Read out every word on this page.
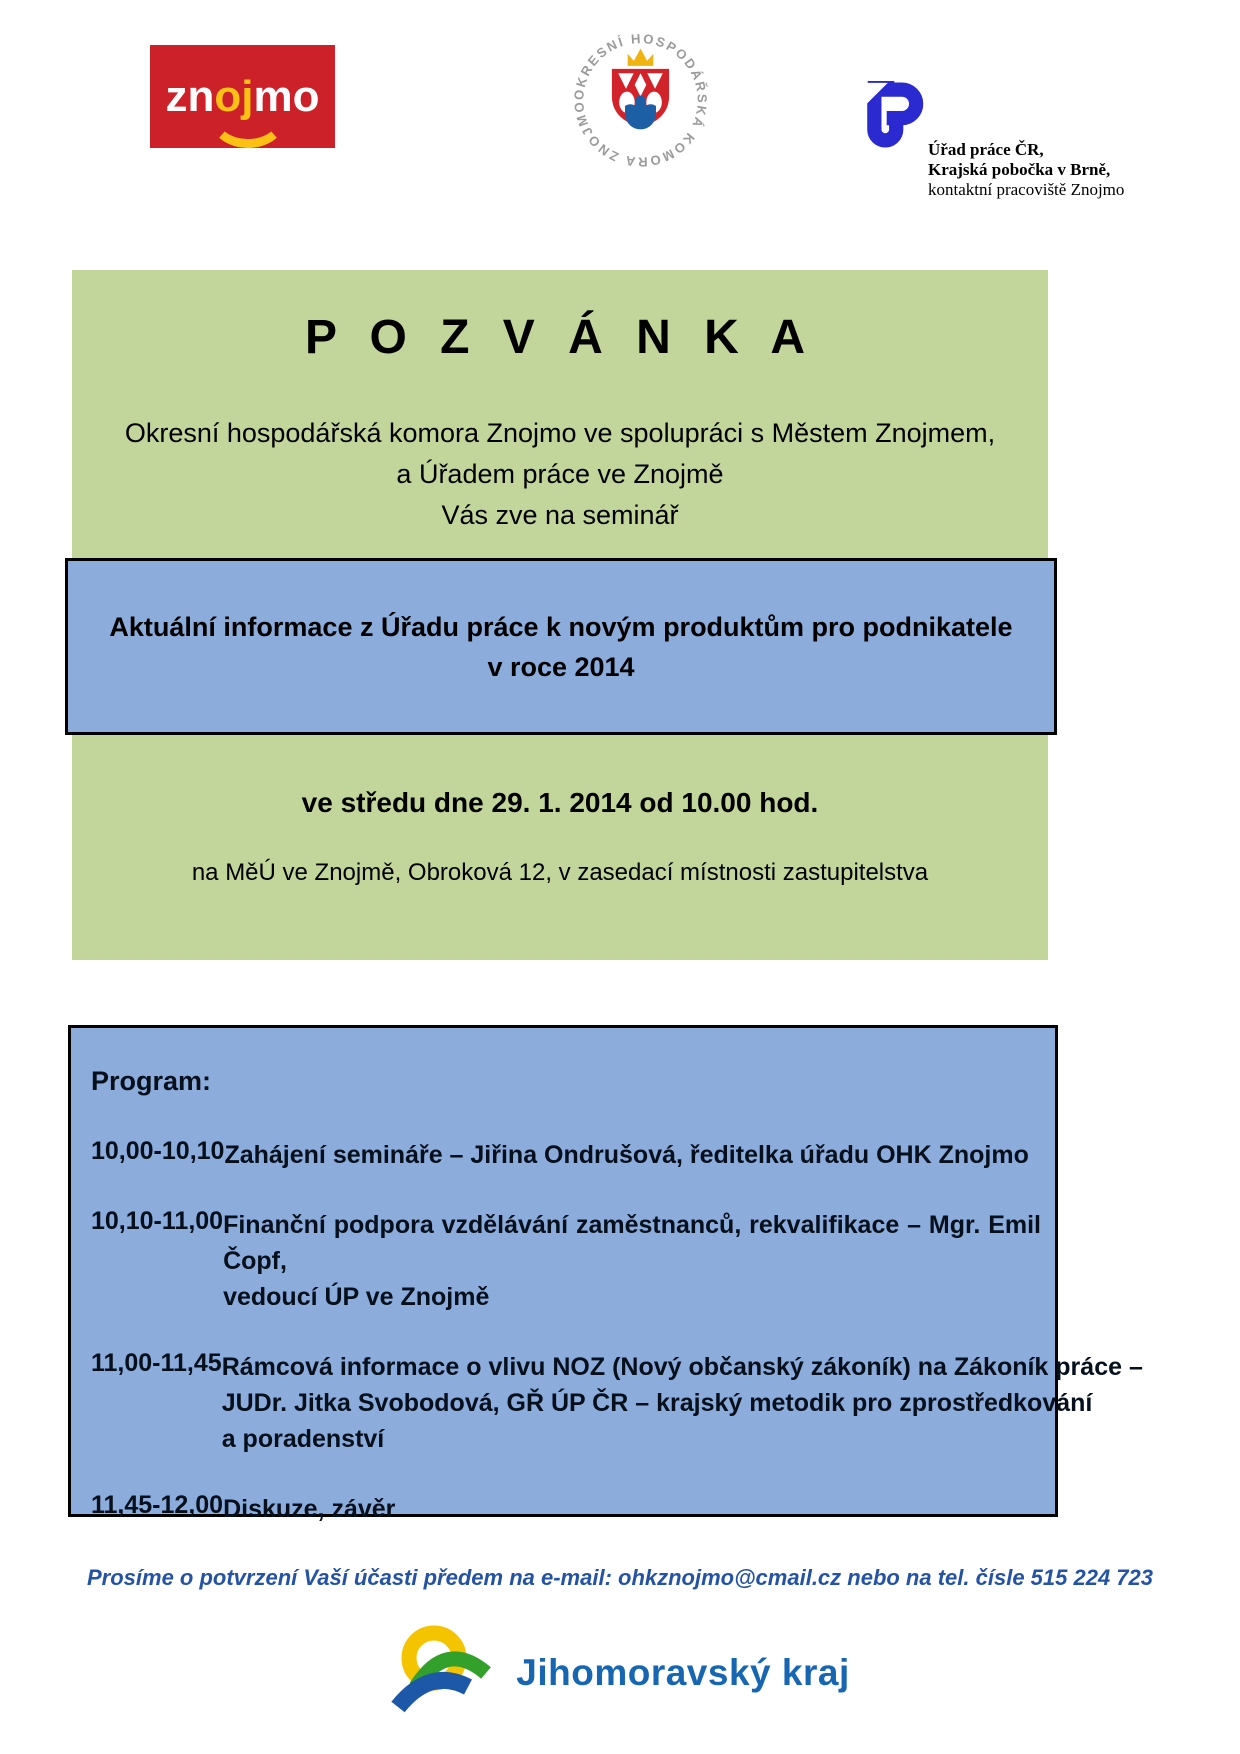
znojmo	OKRESNÍ HOSPODÁŘSKÁ KOMORA ZNOJMO
Úřad práce ČR,
Krajská pobočka v Brně,
kontaktní pracoviště Znojmo
P O Z V Á N K A
Okresní hospodářská komora Znojmo ve spolupráci s Městem Znojmem,
a Úřadem práce ve Znojmě
Vás zve na seminář
Aktuální informace z Úřadu práce k novým produktům pro podnikatele
v roce 2014
ve středu dne 29. 1. 2014 od 10.00 hod.
na MěÚ ve Znojmě, Obroková 12, v zasedací místnosti zastupitelstva
Program:
10,00-10,10 Zahájení semináře – Jiřina Ondrušová, ředitelka úřadu OHK Znojmo
10,10-11,00 Finanční podpora vzdělávání zaměstnanců, rekvalifikace – Mgr. Emil Čopf,
vedoucí ÚP ve Znojmě
11,00-11,45 Rámcová informace o vlivu NOZ (Nový občanský zákoník) na Zákoník práce –
JUDr. Jitka Svobodová, GŘ ÚP ČR – krajský metodik pro zprostředkování
a poradenství
11,45-12,00 Diskuze, závěr
Prosíme o potvrzení Vaší účasti předem na e-mail: ohkznojmo@cmail.cz nebo na tel. čísle 515 224 723
Jihomoravský kraj
